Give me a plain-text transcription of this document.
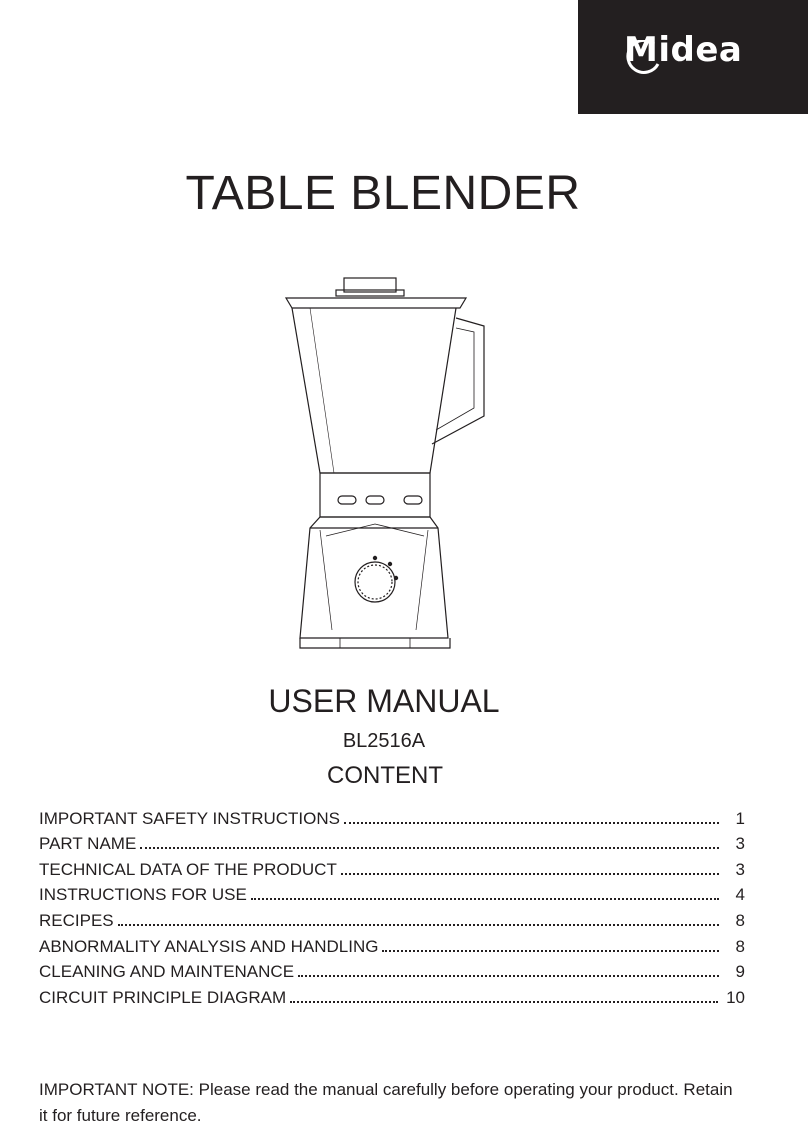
Midea
TABLE BLENDER
USER MANUAL
BL2516A
CONTENT
IMPORTANT SAFETY INSTRUCTIONS	1
PART NAME	3
TECHNICAL DATA OF THE PRODUCT	3
INSTRUCTIONS FOR USE	4
RECIPES	8
ABNORMALITY ANALYSIS AND HANDLING	8
CLEANING AND MAINTENANCE	9
CIRCUIT PRINCIPLE DIAGRAM	10

IMPORTANT NOTE: Please read the manual carefully before operating your product. Retain it for future reference.
